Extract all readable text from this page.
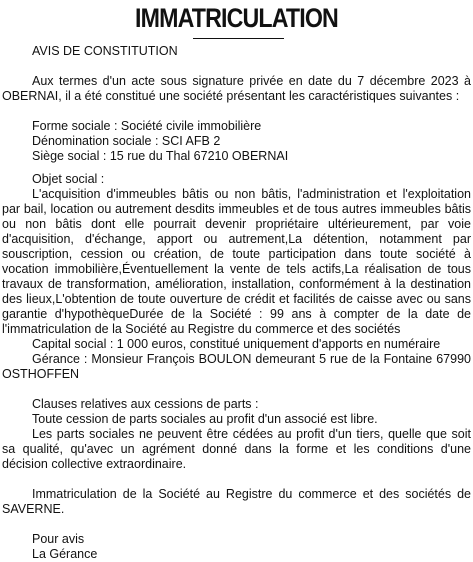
IMMATRICULATION

AVIS DE CONSTITUTION

Aux termes d'un acte sous signature privée en date du 7 décembre 2023 à OBERNAI, il a été constitué une société présentant les caractéristiques suivantes :

Forme sociale : Société civile immobilière

Dénomination sociale : SCI AFB 2

Siège social : 15 rue du Thal 67210 OBERNAI

Objet social :

L'acquisition d'immeubles bâtis ou non bâtis, l'administration et l'exploitation par bail, location ou autrement desdits immeubles et de tous autres immeubles bâtis ou non bâtis dont elle pourrait devenir propriétaire ultérieurement, par voie d'acquisition, d'échange, apport ou autrement,La détention, notamment par souscription, cession ou création, de toute participation dans toute société à vocation immobilière,Éventuellement la vente de tels actifs,La réalisation de tous travaux de transformation, amélioration, installation, conformément à la destination des lieux,L'obtention de toute ouverture de crédit et facilités de caisse avec ou sans garantie d'hypothèqueDurée de la Société : 99 ans à compter de la date de l'immatriculation de la Société au Registre du commerce et des sociétés

Capital social : 1 000 euros, constitué uniquement d'apports en numéraire

Gérance : Monsieur François BOULON demeurant 5 rue de la Fontaine 67990 OSTHOFFEN

Clauses relatives aux cessions de parts :

Toute cession de parts sociales au profit d'un associé est libre.

Les parts sociales ne peuvent être cédées au profit d'un tiers, quelle que soit sa qualité, qu'avec un agrément donné dans la forme et les conditions d'une décision collective extraordinaire.

Immatriculation de la Société au Registre du commerce et des sociétés de SAVERNE.

Pour avis

La Gérance
